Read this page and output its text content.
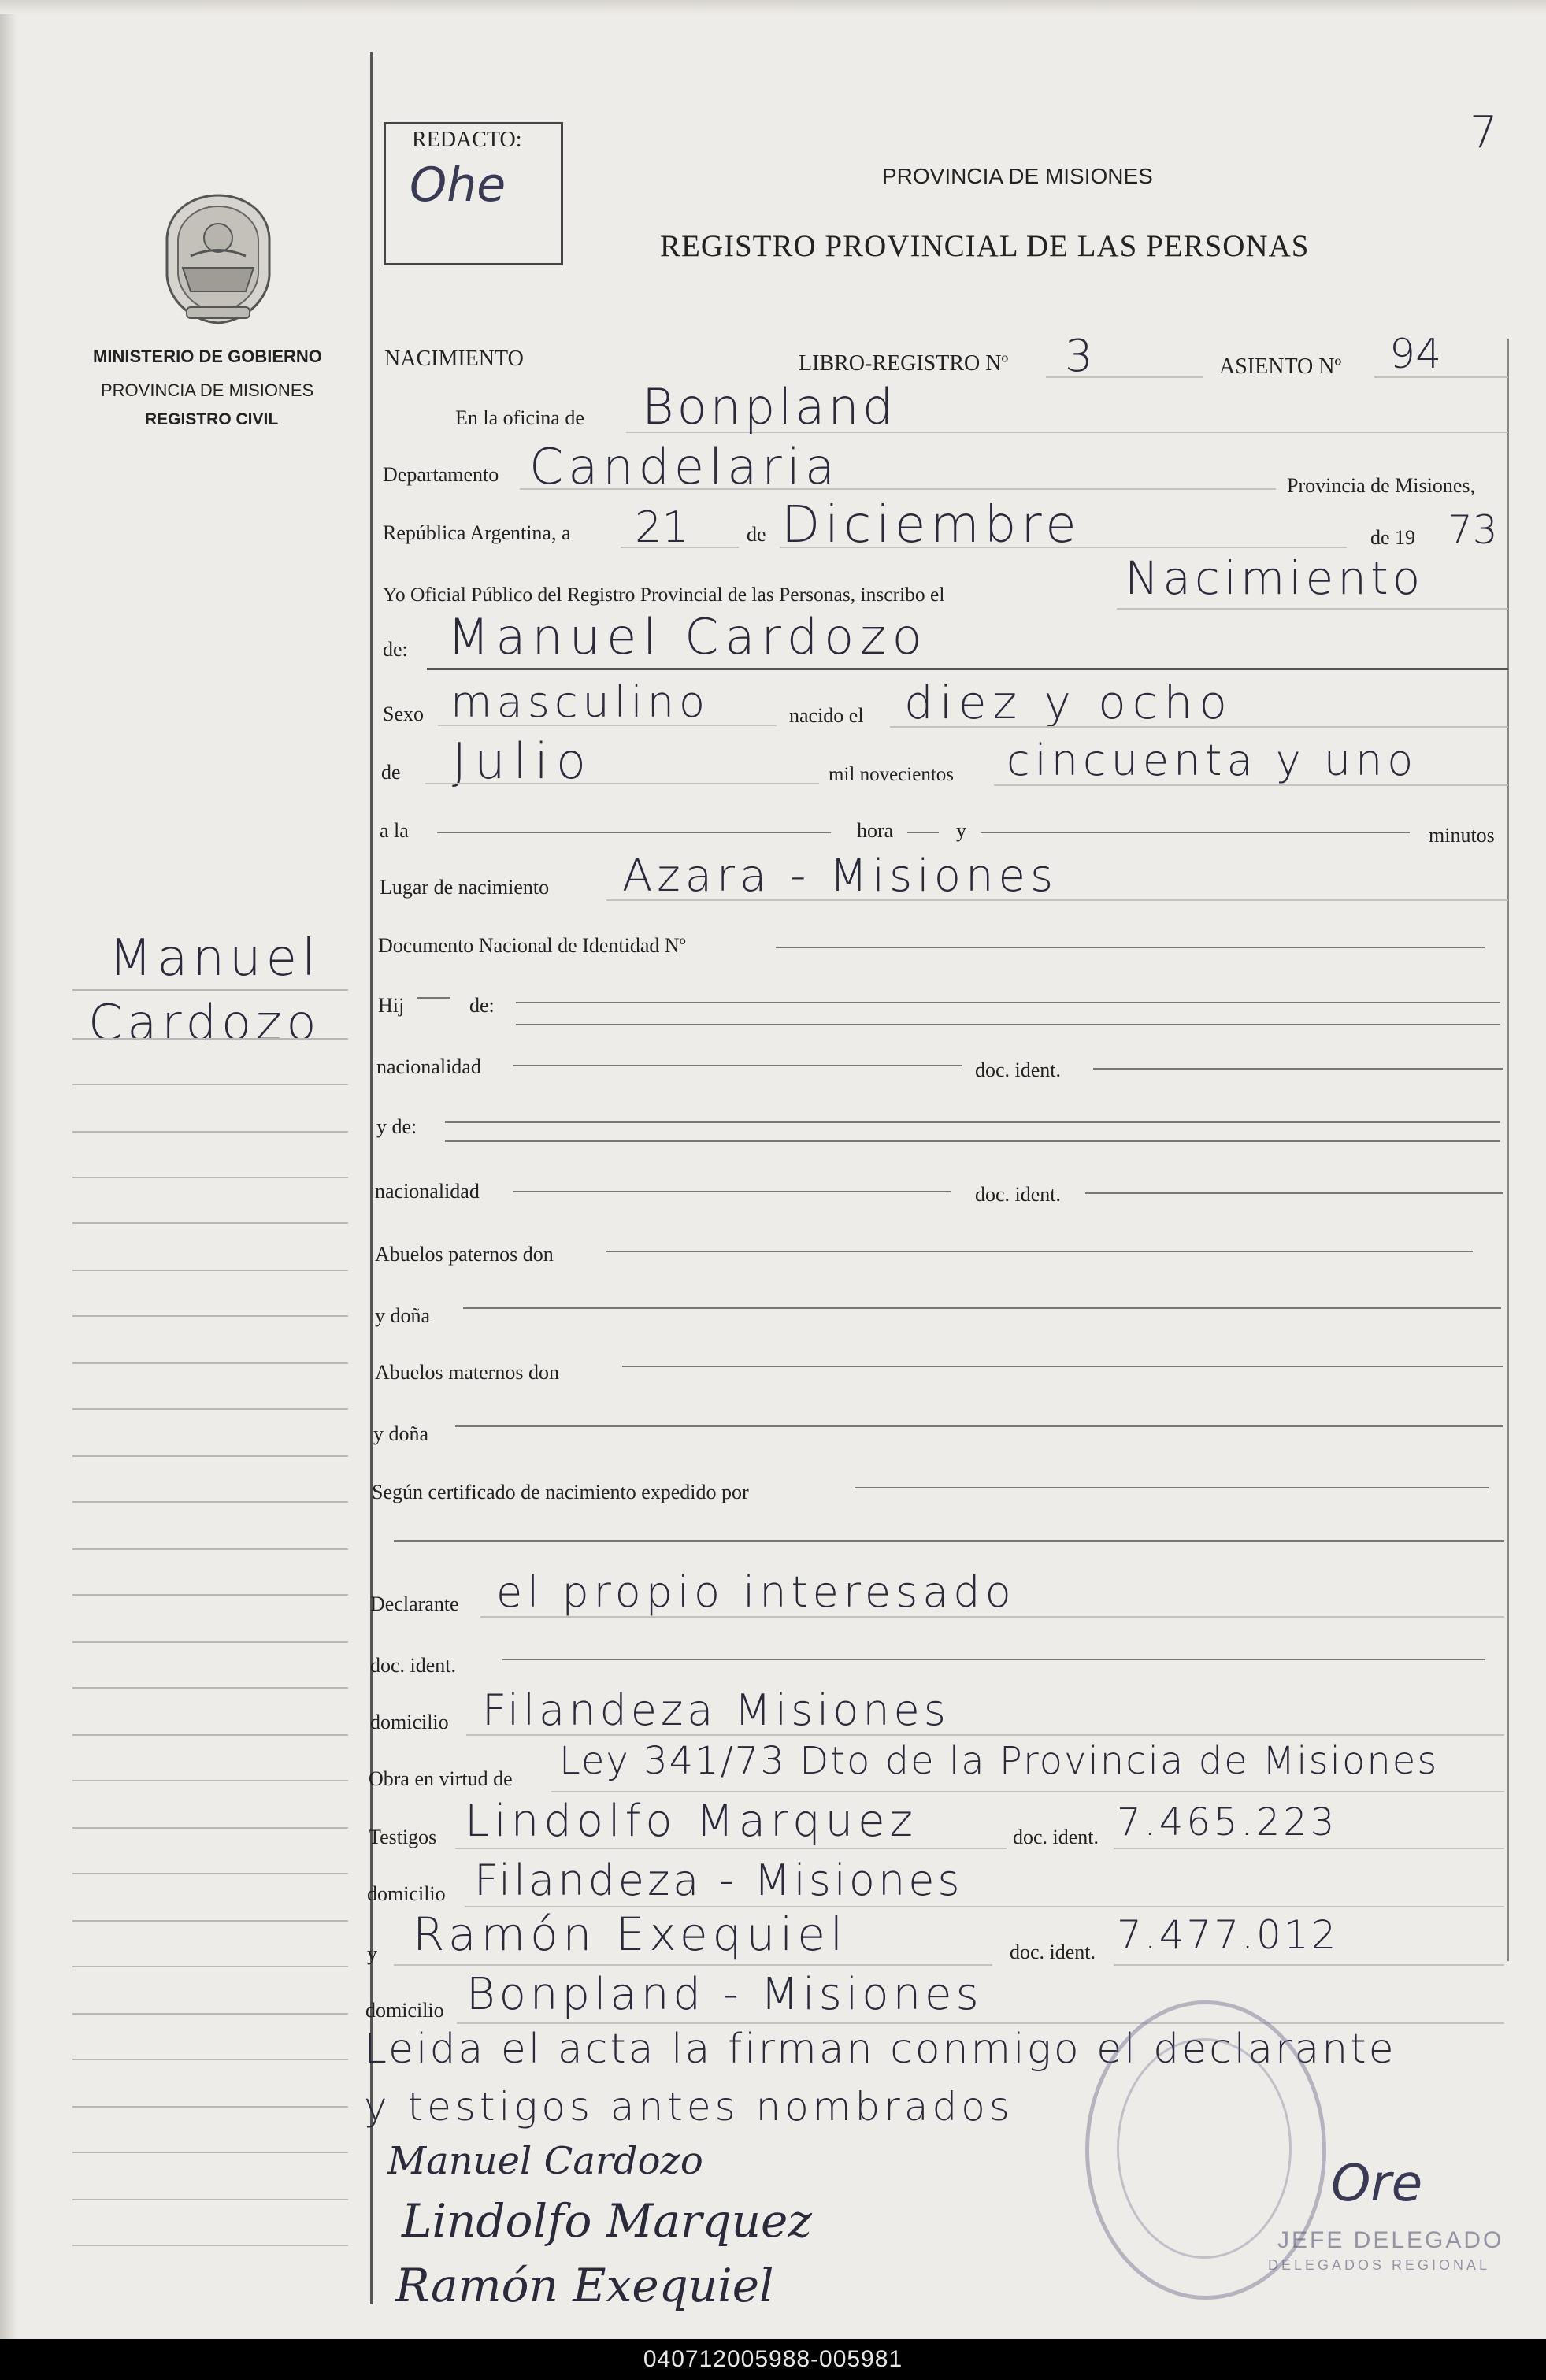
MINISTERIO DE GOBIERNO
PROVINCIA DE MISIONES
REGISTRO CIVIL
Manuel
Cardozo
REDACTO:
Ohe
7
PROVINCIA DE MISIONES
REGISTRO PROVINCIAL DE LAS PERSONAS
NACIMIENTO	LIBRO-REGISTRO Nº 3	ASIENTO Nº 94
En la oficina de Bonpland
Departamento Candelaria	Provincia de Misiones,
República Argentina, a 21	de Diciembre	de 19 73
Yo Oficial Público del Registro Provincial de las Personas, inscribo el	Nacimiento
de: Manuel Cardozo
Sexo masculino	nacido el diez y ocho
de Julio	mil novecientos cincuenta y uno
a la	hora	y	minutos
Lugar de nacimiento Azara - Misiones
Documento Nacional de Identidad Nº
Hij	de:
nacionalidad	doc. ident.
y de:
nacionalidad	doc. ident.
Abuelos paternos don
y doña
Abuelos maternos don
y doña
Según certificado de nacimiento expedido por
Declarante el propio interesado
doc. ident.
domicilio Filandeza Misiones
Obra en virtud de Ley 341/73 Dto de la Provincia de Misiones
Testigos Lindolfo Marquez	doc. ident. 7.465.223
domicilio Filandeza - Misiones
y Ramón Exequiel	doc. ident. 7.477.012
domicilio Bonpland - Misiones
Leida el acta la firman conmigo el declarante
y testigos antes nombrados
Manuel Cardozo
Lindolfo Marquez
Ramón Exequiel
Ore
JEFE DELEGADO
DELEGADOS REGIONAL
040712005988-005981
